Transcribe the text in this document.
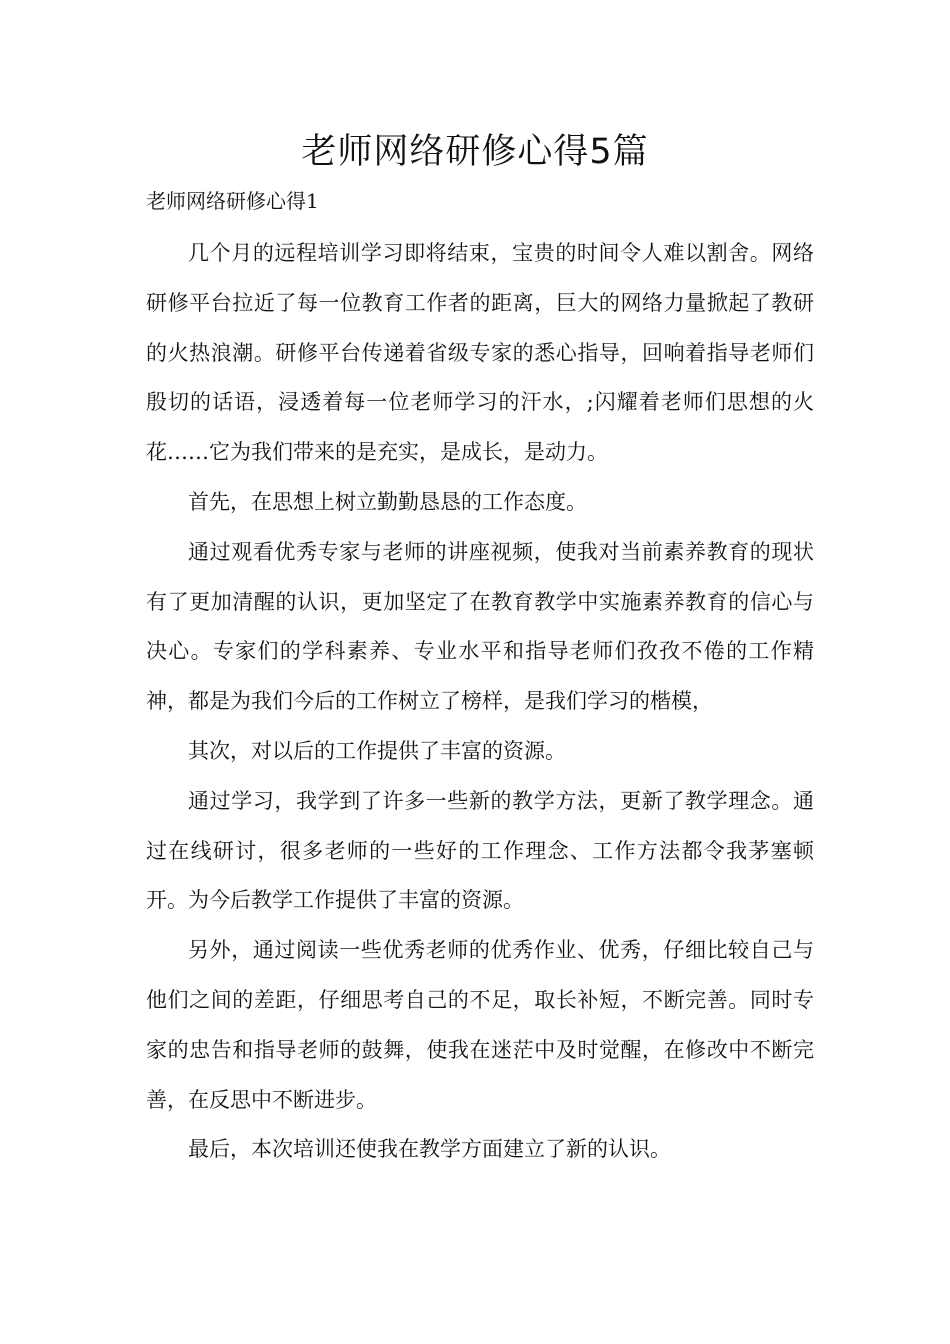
老师网络研修心得5篇
老师网络研修心得1

几个月的远程培训学习即将结束，宝贵的时间令人难以割舍。网络研修平台拉近了每一位教育工作者的距离，巨大的网络力量掀起了教研的火热浪潮。研修平台传递着省级专家的悉心指导，回响着指导老师们殷切的话语，浸透着每一位老师学习的汗水，;闪耀着老师们思想的火花……它为我们带来的是充实，是成长，是动力。

首先，在思想上树立勤勤恳恳的工作态度。

通过观看优秀专家与老师的讲座视频，使我对当前素养教育的现状有了更加清醒的认识，更加坚定了在教育教学中实施素养教育的信心与决心。专家们的学科素养、专业水平和指导老师们孜孜不倦的工作精神，都是为我们今后的工作树立了榜样，是我们学习的楷模，

其次，对以后的工作提供了丰富的资源。

通过学习，我学到了许多一些新的教学方法，更新了教学理念。通过在线研讨，很多老师的一些好的工作理念、工作方法都令我茅塞顿开。为今后教学工作提供了丰富的资源。

另外，通过阅读一些优秀老师的优秀作业、优秀，仔细比较自己与他们之间的差距，仔细思考自己的不足，取长补短，不断完善。同时专家的忠告和指导老师的鼓舞，使我在迷茫中及时觉醒，在修改中不断完善，在反思中不断进步。

最后，本次培训还使我在教学方面建立了新的认识。
